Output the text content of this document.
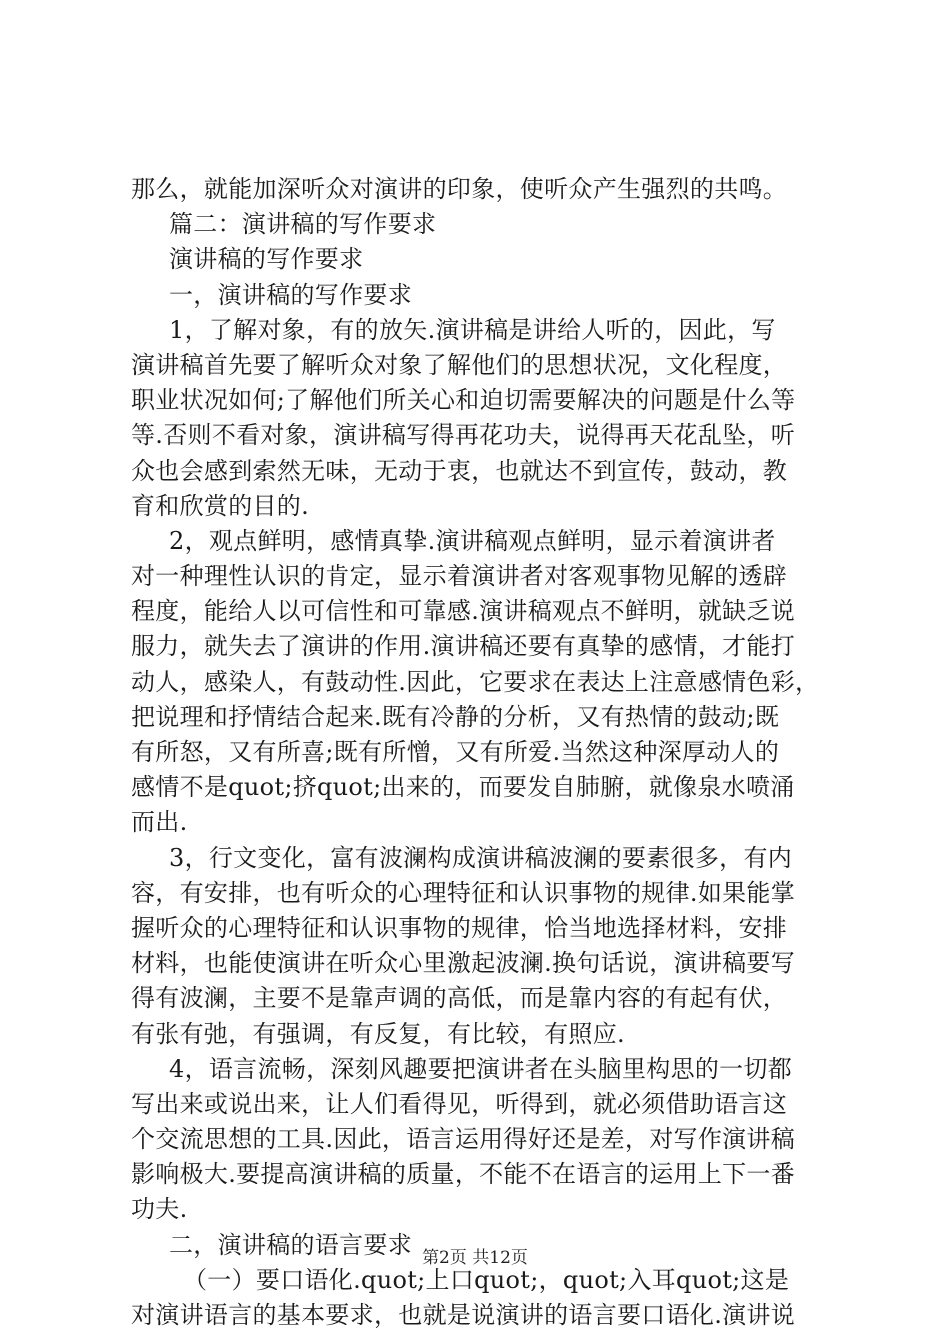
那么，就能加深听众对演讲的印象，使听众产生强烈的共鸣。
篇二：演讲稿的写作要求
演讲稿的写作要求
一，演讲稿的写作要求
1，了解对象，有的放矢.演讲稿是讲给人听的，因此，写
演讲稿首先要了解听众对象了解他们的思想状况，文化程度，
职业状况如何;了解他们所关心和迫切需要解决的问题是什么等
等.否则不看对象，演讲稿写得再花功夫，说得再天花乱坠，听
众也会感到索然无味，无动于衷，也就达不到宣传，鼓动，教
育和欣赏的目的.
2，观点鲜明，感情真挚.演讲稿观点鲜明，显示着演讲者
对一种理性认识的肯定，显示着演讲者对客观事物见解的透辟
程度，能给人以可信性和可靠感.演讲稿观点不鲜明，就缺乏说
服力，就失去了演讲的作用.演讲稿还要有真挚的感情，才能打
动人，感染人，有鼓动性.因此，它要求在表达上注意感情色彩，
把说理和抒情结合起来.既有冷静的分析，又有热情的鼓动;既
有所怒，又有所喜;既有所憎，又有所爱.当然这种深厚动人的
感情不是quot;挤quot;出来的，而要发自肺腑，就像泉水喷涌
而出.
3，行文变化，富有波澜构成演讲稿波澜的要素很多，有内
容，有安排，也有听众的心理特征和认识事物的规律.如果能掌
握听众的心理特征和认识事物的规律，恰当地选择材料，安排
材料，也能使演讲在听众心里激起波澜.换句话说，演讲稿要写
得有波澜，主要不是靠声调的高低，而是靠内容的有起有伏，
有张有弛，有强调，有反复，有比较，有照应.
4，语言流畅，深刻风趣要把演讲者在头脑里构思的一切都
写出来或说出来，让人们看得见，听得到，就必须借助语言这
个交流思想的工具.因此，语言运用得好还是差，对写作演讲稿
影响极大.要提高演讲稿的质量，不能不在语言的运用上下一番
功夫.
二，演讲稿的语言要求
（一）要口语化.quot;上口quot;，quot;入耳quot;这是
对演讲语言的基本要求，也就是说演讲的语言要口语化.演讲说
第2页 共12页
